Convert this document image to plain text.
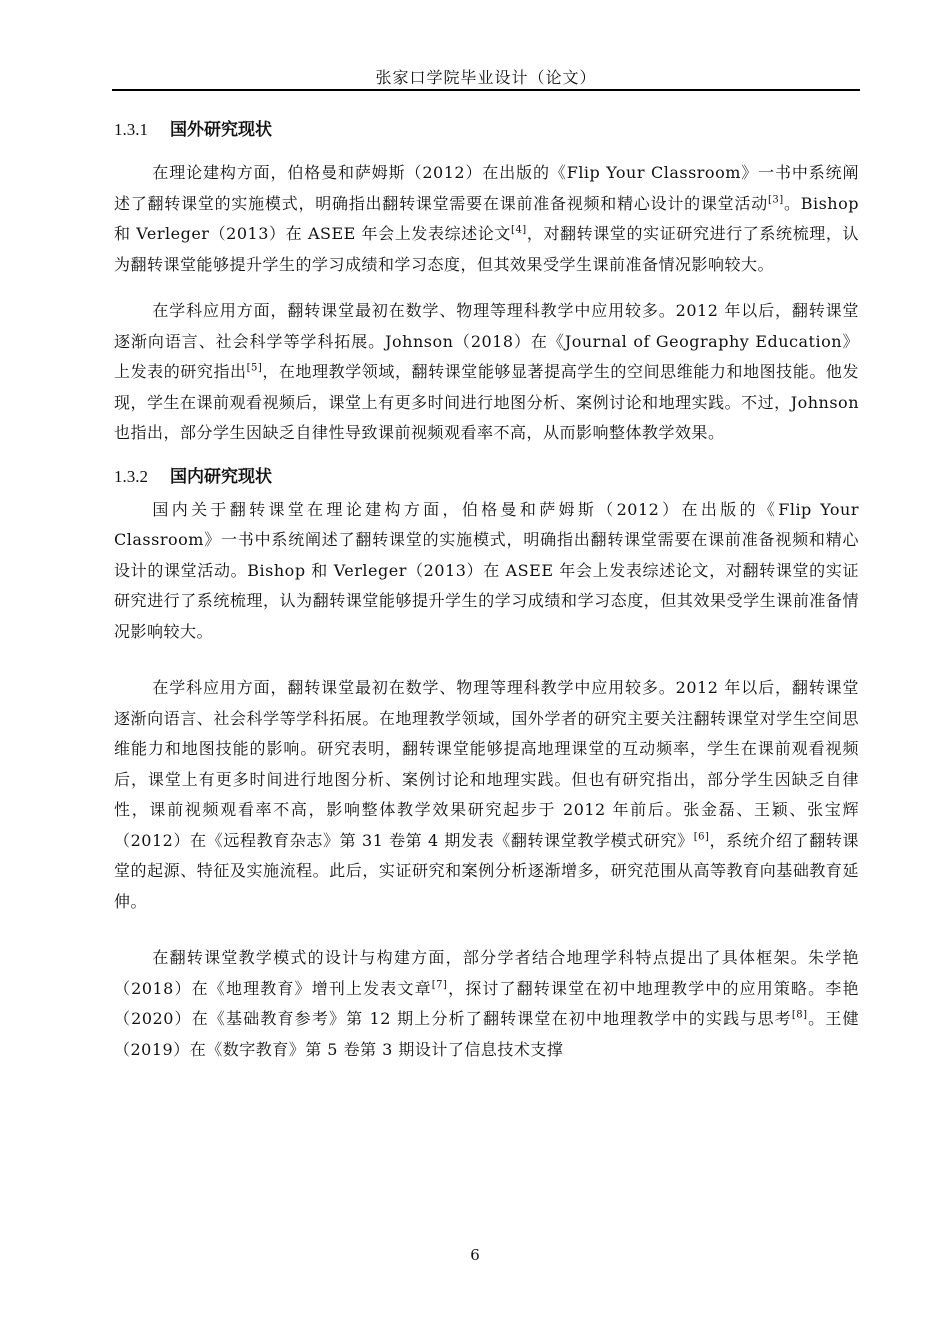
张家口学院毕业设计（论文）
1.3.1 国外研究现状

在理论建构方面，伯格曼和萨姆斯（2012）在出版的《Flip Your Classroom》一书中系统阐述了翻转课堂的实施模式，明确指出翻转课堂需要在课前准备视频和精心设计的课堂活动[3]。Bishop 和 Verleger（2013）在 ASEE 年会上发表综述论文[4]，对翻转课堂的实证研究进行了系统梳理，认为翻转课堂能够提升学生的学习成绩和学习态度，但其效果受学生课前准备情况影响较大。

在学科应用方面，翻转课堂最初在数学、物理等理科教学中应用较多。2012 年以后，翻转课堂逐渐向语言、社会科学等学科拓展。Johnson（2018）在《Journal of Geography Education》上发表的研究指出[5]，在地理教学领域，翻转课堂能够显著提高学生的空间思维能力和地图技能。他发现，学生在课前观看视频后，课堂上有更多时间进行地图分析、案例讨论和地理实践。不过，Johnson 也指出，部分学生因缺乏自律性导致课前视频观看率不高，从而影响整体教学效果。

1.3.2 国内研究现状

国内关于翻转课堂在理论建构方面，伯格曼和萨姆斯（2012）在出版的《Flip Your Classroom》一书中系统阐述了翻转课堂的实施模式，明确指出翻转课堂需要在课前准备视频和精心设计的课堂活动。Bishop 和 Verleger（2013）在 ASEE 年会上发表综述论文，对翻转课堂的实证研究进行了系统梳理，认为翻转课堂能够提升学生的学习成绩和学习态度，但其效果受学生课前准备情况影响较大。

在学科应用方面，翻转课堂最初在数学、物理等理科教学中应用较多。2012 年以后，翻转课堂逐渐向语言、社会科学等学科拓展。在地理教学领域，国外学者的研究主要关注翻转课堂对学生空间思维能力和地图技能的影响。研究表明，翻转课堂能够提高地理课堂的互动频率，学生在课前观看视频后，课堂上有更多时间进行地图分析、案例讨论和地理实践。但也有研究指出，部分学生因缺乏自律性，课前视频观看率不高，影响整体教学效果研究起步于 2012 年前后。张金磊、王颖、张宝辉（2012）在《远程教育杂志》第 31 卷第 4 期发表《翻转课堂教学模式研究》[6]，系统介绍了翻转课堂的起源、特征及实施流程。此后，实证研究和案例分析逐渐增多，研究范围从高等教育向基础教育延伸。

在翻转课堂教学模式的设计与构建方面，部分学者结合地理学科特点提出了具体框架。朱学艳（2018）在《地理教育》增刊上发表文章[7]，探讨了翻转课堂在初中地理教学中的应用策略。李艳（2020）在《基础教育参考》第 12 期上分析了翻转课堂在初中地理教学中的实践与思考[8]。王健（2019）在《数字教育》第 5 卷第 3 期设计了信息技术支撑

6
